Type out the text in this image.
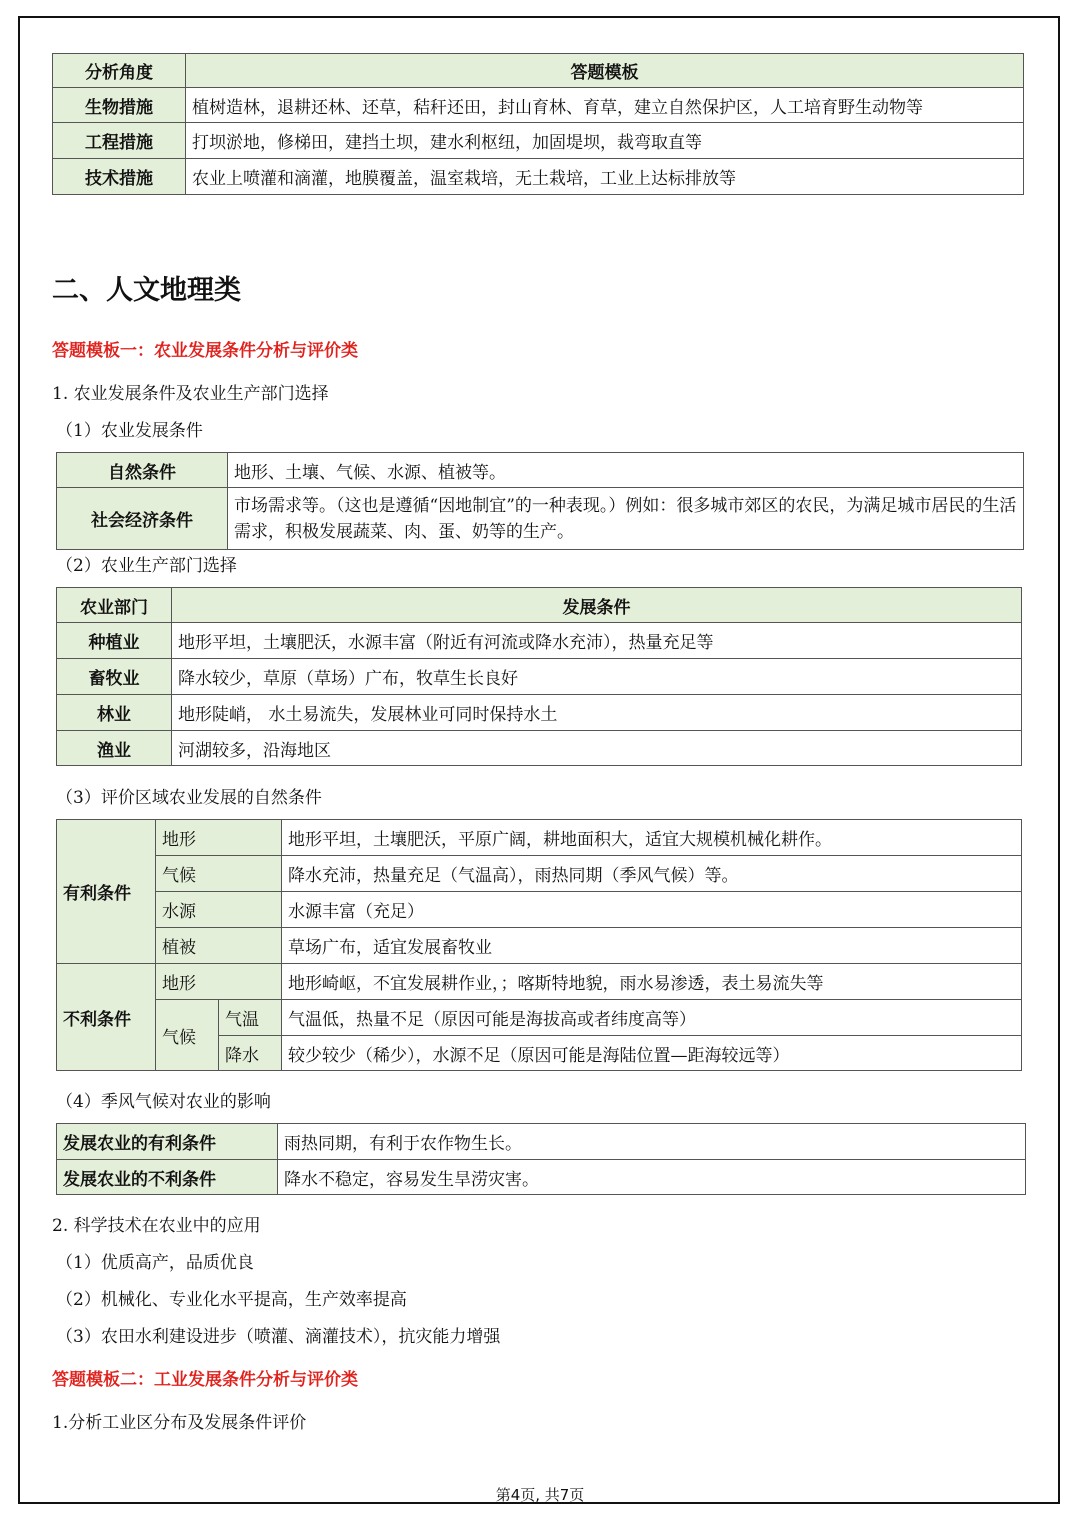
分析角度	答题模板
生物措施	植树造林，退耕还林、还草，秸秆还田，封山育林、育草，建立自然保护区，人工培育野生动物等
工程措施	打坝淤地，修梯田，建挡土坝，建水利枢纽，加固堤坝，裁弯取直等
技术措施	农业上喷灌和滴灌，地膜覆盖，温室栽培，无土栽培，工业上达标排放等
二、人文地理类
答题模板一：农业发展条件分析与评价类
1. 农业发展条件及农业生产部门选择
（1）农业发展条件
自然条件	地形、土壤、气候、水源、植被等。
社会经济条件	市场需求等。（这也是遵循“因地制宜”的一种表现。）例如：很多城市郊区的农民，为满足城市居民的生活需求，积极发展蔬菜、肉、蛋、奶等的生产。
（2）农业生产部门选择
农业部门	发展条件
种植业	地形平坦，土壤肥沃，水源丰富（附近有河流或降水充沛），热量充足等
畜牧业	降水较少，草原（草场）广布，牧草生长良好
林业	地形陡峭， 水土易流失，发展林业可同时保持水土
渔业	河湖较多，沿海地区
（3）评价区域农业发展的自然条件
有利条件	地形		地形平坦，土壤肥沃，平原广阔，耕地面积大，适宜大规模机械化耕作。
	气候		降水充沛，热量充足（气温高），雨热同期（季风气候）等。
	水源		水源丰富（充足）
	植被		草场广布，适宜发展畜牧业
不利条件	地形		地形崎岖，不宜发展耕作业，；喀斯特地貌，雨水易渗透，表土易流失等
	气候	气温	气温低，热量不足（原因可能是海拔高或者纬度高等）
		降水	较少较少（稀少），水源不足（原因可能是海陆位置—距海较远等）
（4）季风气候对农业的影响
发展农业的有利条件	雨热同期，有利于农作物生长。
发展农业的不利条件	降水不稳定，容易发生旱涝灾害。
2. 科学技术在农业中的应用
（1）优质高产，品质优良
（2）机械化、专业化水平提高，生产效率提高
（3）农田水利建设进步（喷灌、滴灌技术），抗灾能力增强
答题模板二：工业发展条件分析与评价类
1.分析工业区分布及发展条件评价
第4页, 共7页
